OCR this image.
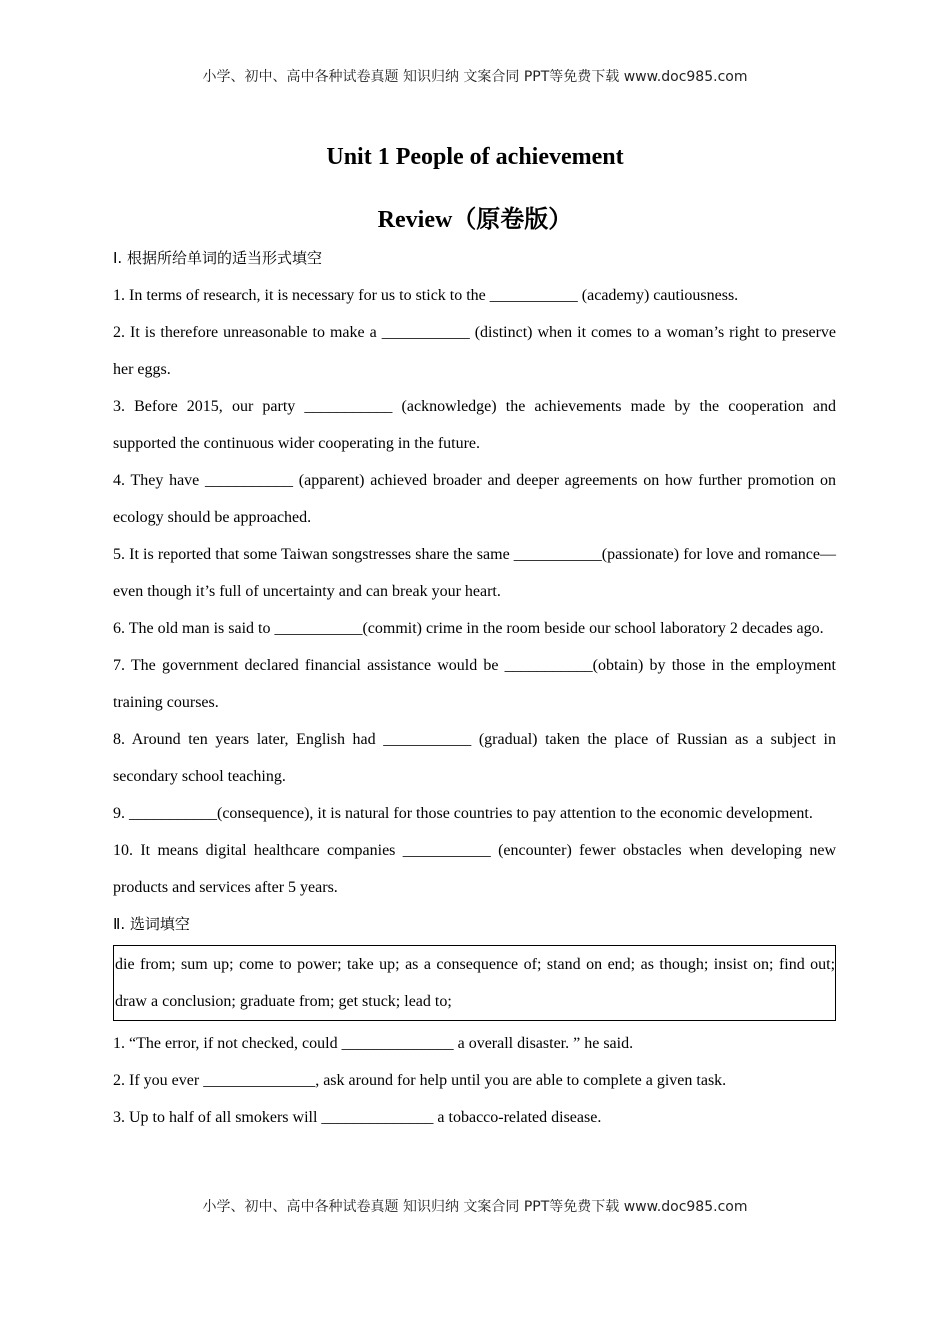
小学、初中、高中各种试卷真题 知识归纳 文案合同 PPT等免费下载 www.doc985.com
Unit 1 People of achievement
Review（原卷版）
Ⅰ. 根据所给单词的适当形式填空

1. In terms of research, it is necessary for us to stick to the ___________ (academy) cautiousness.

2. It is therefore unreasonable to make a ___________ (distinct) when it comes to a woman’s right to preserve her eggs.

3. Before 2015, our party ___________ (acknowledge) the achievements made by the cooperation and supported the continuous wider cooperating in the future.

4. They have ___________ (apparent) achieved broader and deeper agreements on how further promotion on ecology should be approached.

5. It is reported that some Taiwan songstresses share the same ___________(passionate) for love and romance—even though it’s full of uncertainty and can break your heart.

6. The old man is said to ___________(commit) crime in the room beside our school laboratory 2 decades ago.

7. The government declared financial assistance would be ___________(obtain) by those in the employment training courses.

8. Around ten years later, English had ___________ (gradual) taken the place of Russian as a subject in secondary school teaching.

9. ___________(consequence), it is natural for those countries to pay attention to the economic development.

10. It means digital healthcare companies ___________ (encounter) fewer obstacles when developing new products and services after 5 years.

Ⅱ. 选词填空
die from; sum up; come to power; take up; as a consequence of; stand on end; as though; insist on; find out; draw a conclusion; graduate from; get stuck; lead to;

1. “The error, if not checked, could ______________ a overall disaster. ” he said.

2. If you ever ______________, ask around for help until you are able to complete a given task.

3. Up to half of all smokers will ______________ a tobacco-related disease.

小学、初中、高中各种试卷真题 知识归纳 文案合同 PPT等免费下载 www.doc985.com
